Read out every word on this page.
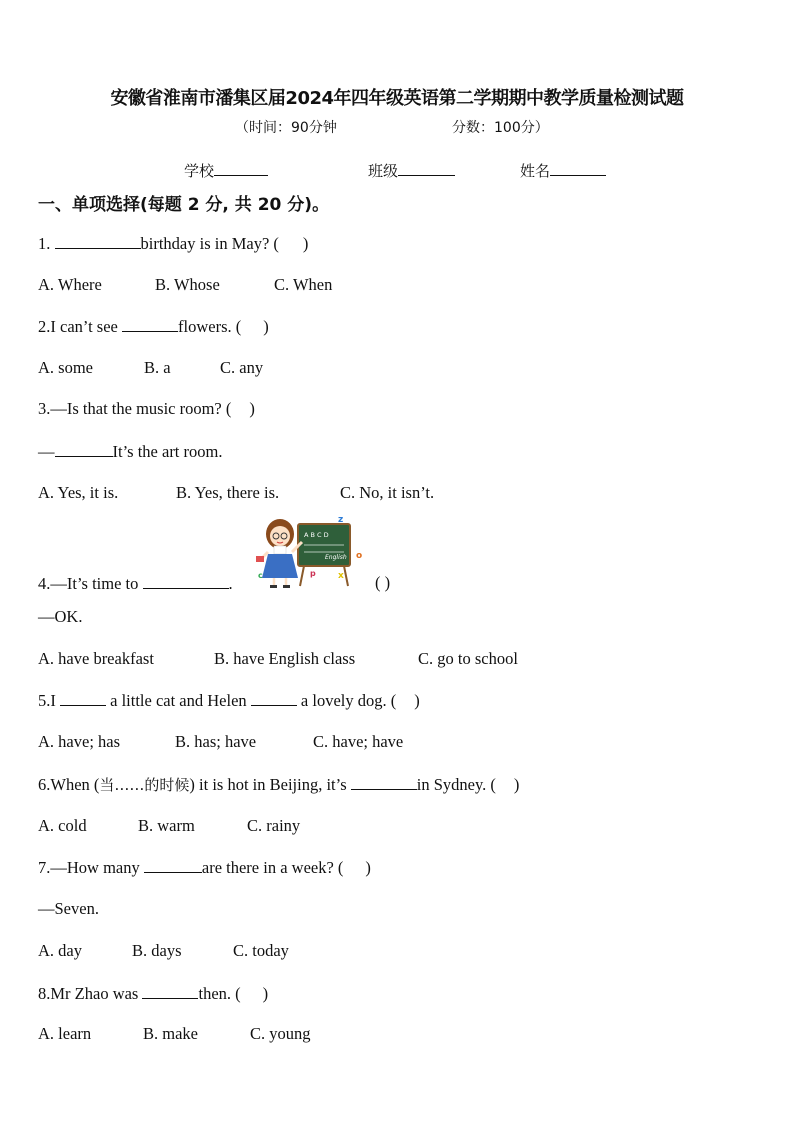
安徽省淮南市潘集区届2024年四年级英语第二学期期中教学质量检测试题
（时间：90分钟	分数：100分）
学校	班级	姓名
一、单项选择(每题 2 分, 共 20 分)。
1.	birthday is in May? ( )
A. Where	B. Whose	C. When
2.I can’t see	flowers. ( )
A. some	B. a	C. any
3.—Is that the music room? ( )
—	It’s the art room.
A. Yes, it is.	B. Yes, there is.	C. No, it isn’t.
4.—It’s time to	.	( )
A B C D
English
z
o
x
p
c
—OK.
A. have breakfast	B. have English class	C. go to school
5.I	a little cat and Helen	a lovely dog. ( )
A. have; has	B. has; have	C. have; have
6.When (当……的时候) it is hot in Beijing, it’s	in Sydney. ( )
A. cold	B. warm	C. rainy
7.—How many	are there in a week? ( )
—Seven.
A. day	B. days	C. today
8.Mr Zhao was	then. ( )
A. learn	B. make	C. young
